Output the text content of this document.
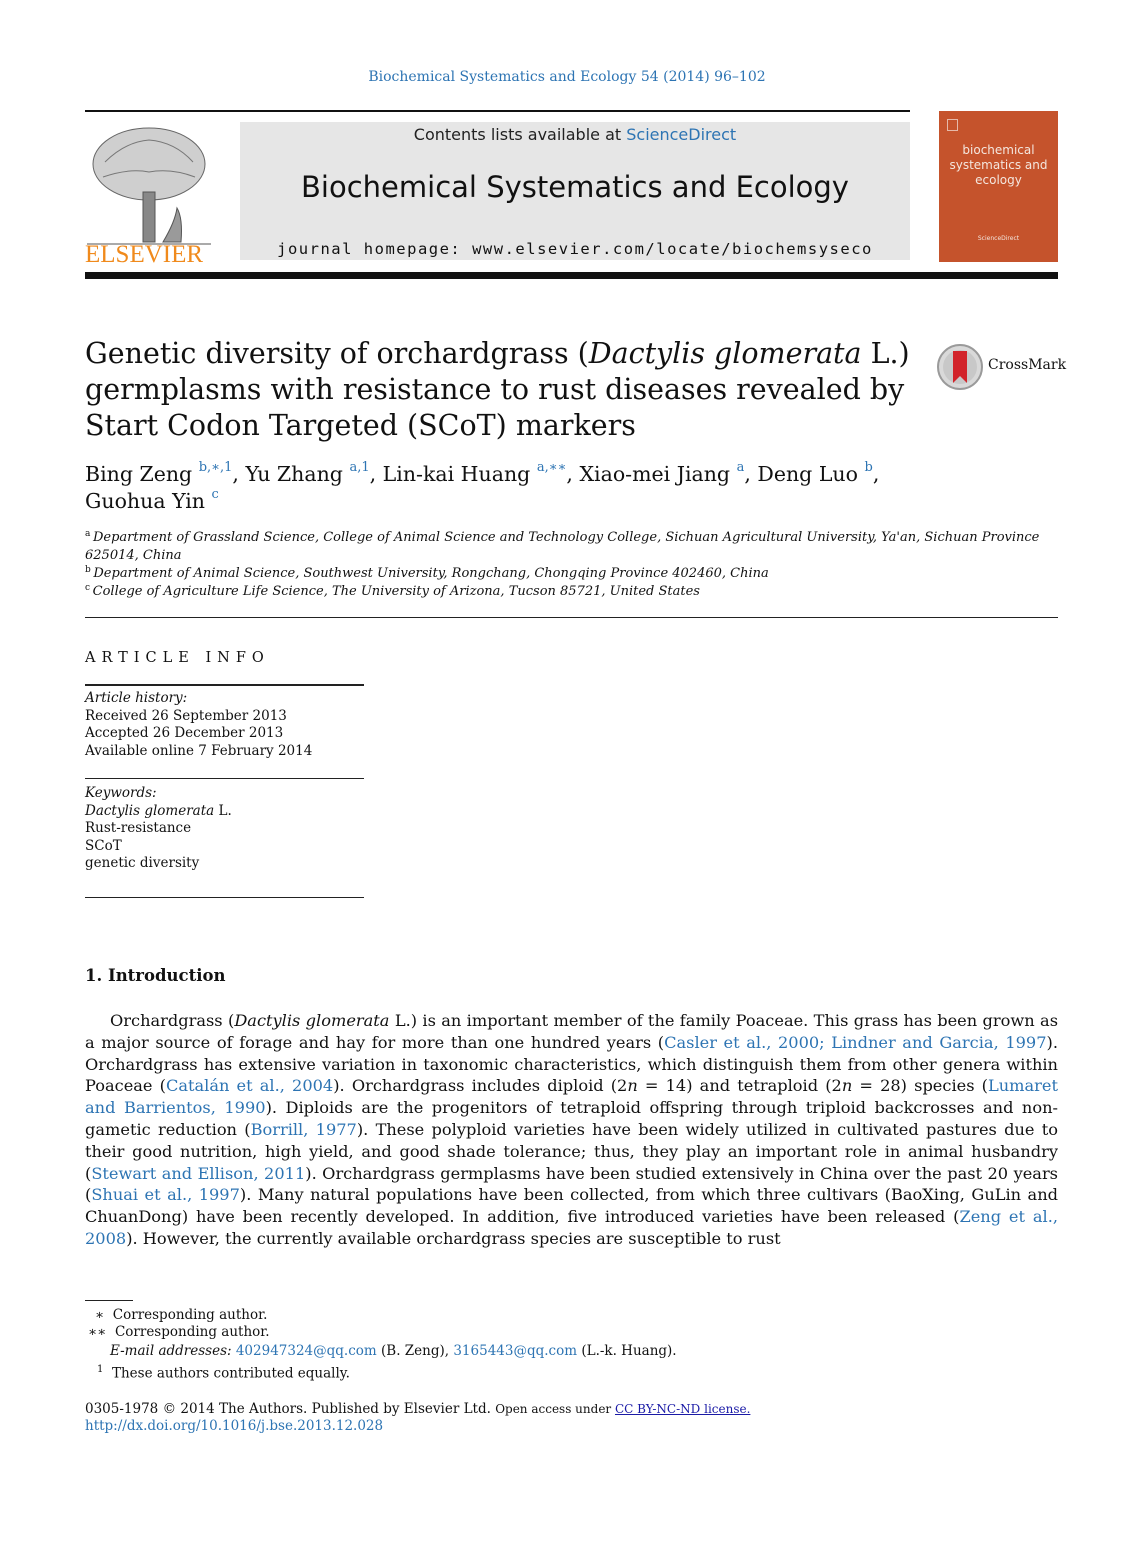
Biochemical Systematics and Ecology 54 (2014) 96–102
ELSEVIER
Contents lists available at ScienceDirect
Biochemical Systematics and Ecology
journal homepage: www.elsevier.com/locate/biochemsyseco
biochemical systematics and ecology
ScienceDirect
Genetic diversity of orchardgrass (Dactylis glomerata L.) germplasms with resistance to rust diseases revealed by Start Codon Targeted (SCoT) markers
CrossMark
Bing Zeng $^{b,∗,1}$, Yu Zhang $^{a,1}$, Lin-kai Huang $^{a,∗∗}$, Xiao-mei Jiang $^a$, Deng Luo $^b$,
Guohua Yin $^c$
$^a$  Department of Grassland Science, College of Animal Science and Technology College, Sichuan Agricultural University, Ya'an, Sichuan Province 625014, China
$^b$  Department of Animal Science, Southwest University, Rongchang, Chongqing Province 402460, China
$^c$  College of Agriculture Life Science, The University of Arizona, Tucson 85721, United States
ARTICLE INFO
Article history:
Received 26 September 2013
Accepted 26 December 2013
Available online 7 February 2014
Keywords:
Dactylis glomerata L.
Rust-resistance
SCoT
genetic diversity
1. Introduction
Orchardgrass (Dactylis glomerata L.) is an important member of the family Poaceae. This grass has been grown as a major source of forage and hay for more than one hundred years (Casler et al., 2000; Lindner and Garcia, 1997). Orchardgrass has extensive variation in taxonomic characteristics, which distinguish them from other genera within Poaceae (Catalán et al., 2004). Orchardgrass includes diploid (2n = 14) and tetraploid (2n = 28) species (Lumaret and Barrientos, 1990). Diploids are the progenitors of tetraploid offspring through triploid backcrosses and non-gametic reduction (Borrill, 1977). These polyploid varieties have been widely utilized in cultivated pastures due to their good nutrition, high yield, and good shade tolerance; thus, they play an important role in animal husbandry (Stewart and Ellison, 2011). Orchardgrass germplasms have been studied extensively in China over the past 20 years (Shuai et al., 1997). Many natural populations have been collected, from which three cultivars (BaoXing, GuLin and ChuanDong) have been recently developed. In addition, five introduced varieties have been released (Zeng et al., 2008). However, the currently available orchardgrass species are susceptible to rust
∗ Corresponding author.
∗∗ Corresponding author.
E-mail addresses: 402947324@qq.com (B. Zeng), 3165443@qq.com (L.-k. Huang).
$^1$ These authors contributed equally.
0305-1978 © 2014 The Authors. Published by Elsevier Ltd. Open access under CC BY-NC-ND license.
http://dx.doi.org/10.1016/j.bse.2013.12.028
